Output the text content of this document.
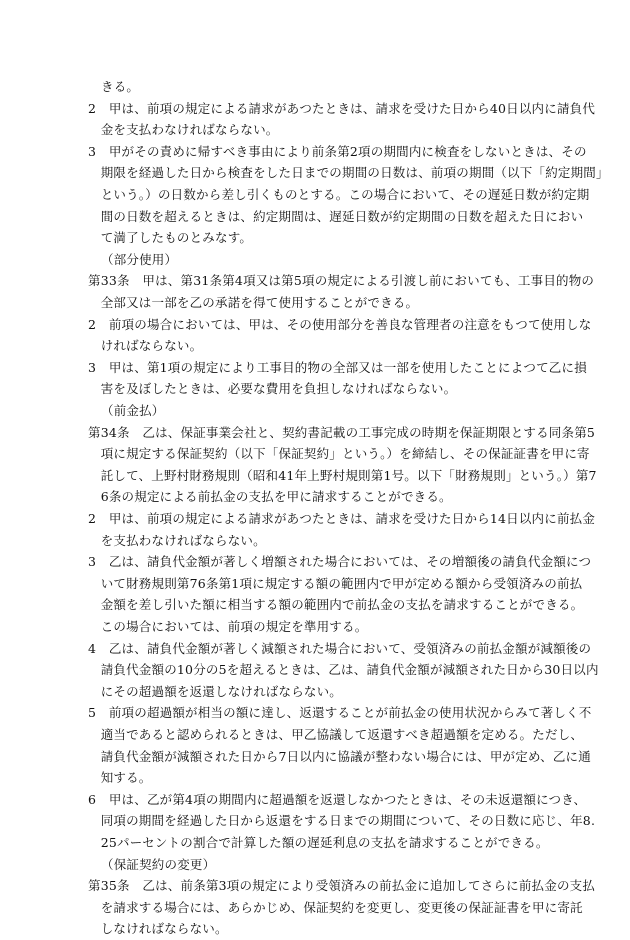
きる。
2　甲は、前項の規定による請求があつたときは、請求を受けた日から40日以内に請負代
　金を支払わなければならない。
3　甲がその責めに帰すべき事由により前条第2項の期間内に検査をしないときは、その
　期限を経過した日から検査をした日までの期間の日数は、前項の期間（以下「約定期間」
　という。）の日数から差し引くものとする。この場合において、その遅延日数が約定期
　間の日数を超えるときは、約定期間は、遅延日数が約定期間の日数を超えた日におい
　て満了したものとみなす。
（部分使用）
第33条　甲は、第31条第4項又は第5項の規定による引渡し前においても、工事目的物の
　全部又は一部を乙の承諾を得て使用することができる。
2　前項の場合においては、甲は、その使用部分を善良な管理者の注意をもつて使用しな
　ければならない。
3　甲は、第1項の規定により工事目的物の全部又は一部を使用したことによつて乙に損
　害を及ぼしたときは、必要な費用を負担しなければならない。
（前金払）
第34条　乙は、保証事業会社と、契約書記載の工事完成の時期を保証期限とする同条第5
　項に規定する保証契約（以下「保証契約」という。）を締結し、その保証証書を甲に寄
　託して、上野村財務規則（昭和41年上野村規則第1号。以下「財務規則」という。）第7
　6条の規定による前払金の支払を甲に請求することができる。
2　甲は、前項の規定による請求があつたときは、請求を受けた日から14日以内に前払金
　を支払わなければならない。
3　乙は、請負代金額が著しく増額された場合においては、その増額後の請負代金額につ
　いて財務規則第76条第1項に規定する額の範囲内で甲が定める額から受領済みの前払
　金額を差し引いた額に相当する額の範囲内で前払金の支払を請求することができる。
　この場合においては、前項の規定を準用する。
4　乙は、請負代金額が著しく減額された場合において、受領済みの前払金額が減額後の
　請負代金額の10分の5を超えるときは、乙は、請負代金額が減額された日から30日以内
　にその超過額を返還しなければならない。
5　前項の超過額が相当の額に達し、返還することが前払金の使用状況からみて著しく不
　適当であると認められるときは、甲乙協議して返還すべき超過額を定める。ただし、
　請負代金額が減額された日から7日以内に協議が整わない場合には、甲が定め、乙に通
　知する。
6　甲は、乙が第4項の期間内に超過額を返還しなかつたときは、その未返還額につき、
　同項の期間を経過した日から返還をする日までの期間について、その日数に応じ、年8.
　25パーセントの割合で計算した額の遅延利息の支払を請求することができる。
（保証契約の変更）
第35条　乙は、前条第3項の規定により受領済みの前払金に追加してさらに前払金の支払
　を請求する場合には、あらかじめ、保証契約を変更し、変更後の保証証書を甲に寄託
　しなければならない。
